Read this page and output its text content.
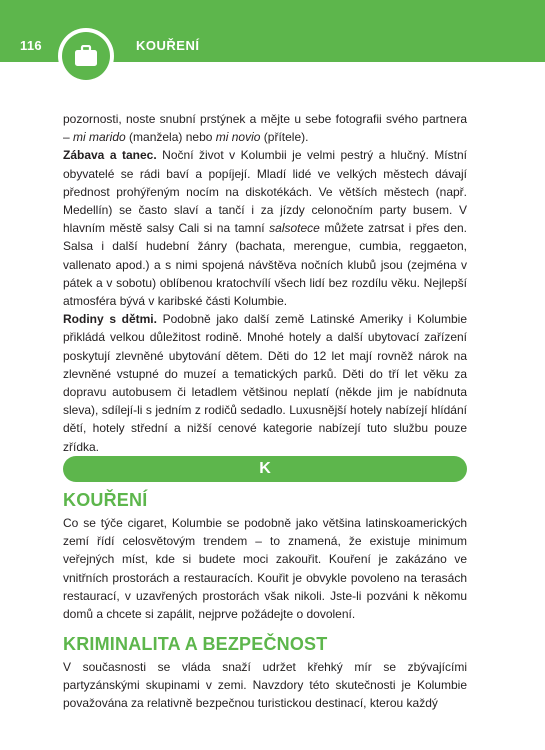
116	KOUŘENÍ

pozornosti, noste snubní prstýnek a mějte u sebe fotografii svého partnera – mi marido (manžela) nebo mi novio (přítele).

Zábava a tanec. Noční život v Kolumbii je velmi pestrý a hlučný. Místní obyvatelé se rádi baví a popíjejí. Mladí lidé ve velkých městech dávají přednost prohýřeným nocím na diskotékách. Ve větších městech (např. Medellín) se často slaví a tančí i za jízdy celonočním party busem. V hlavním městě salsy Cali si na tamní salsotece můžete zatrsat i přes den. Salsa i další hudební žánry (bachata, merengue, cumbia, reggaeton, vallenato apod.) a s nimi spojená návštěva nočních klubů jsou (zejména v pátek a v sobotu) oblíbenou kratochvílí všech lidí bez rozdílu věku. Nejlepší atmosféra bývá v karibské části Kolumbie.

Rodiny s dětmi. Podobně jako další země Latinské Ameriky i Kolumbie přikládá velkou důležitost rodině. Mnohé hotely a další ubytovací zařízení poskytují zlevněné ubytování dětem. Děti do 12 let mají rovněž nárok na zlevněné vstupné do muzeí a tematických parků. Děti do tří let věku za dopravu autobusem či letadlem většinou neplatí (někde jim je nabídnuta sleva), sdílejí-li s jedním z rodičů sedadlo. Luxusnější hotely nabízejí hlídání dětí, hotely střední a nižší cenové kategorie nabízejí tuto službu pouze zřídka.

K
KOUŘENÍ

Co se týče cigaret, Kolumbie se podobně jako většina latinskoamerických zemí řídí celosvětovým trendem – to znamená, že existuje minimum veřejných míst, kde si budete moci zakouřit. Kouření je zakázáno ve vnitřních prostorách a restauracích. Kouřit je obvykle povoleno na terasách restaurací, v uzavřených prostorách však nikoli. Jste-li pozváni k někomu domů a chcete si zapálit, nejprve požádejte o dovolení.

KRIMINALITA A BEZPEČNOST

V současnosti se vláda snaží udržet křehký mír se zbývajícími partyzánskými skupinami v zemi. Navzdory této skutečnosti je Kolumbie považována za relativně bezpečnou turistickou destinací, kterou každý
